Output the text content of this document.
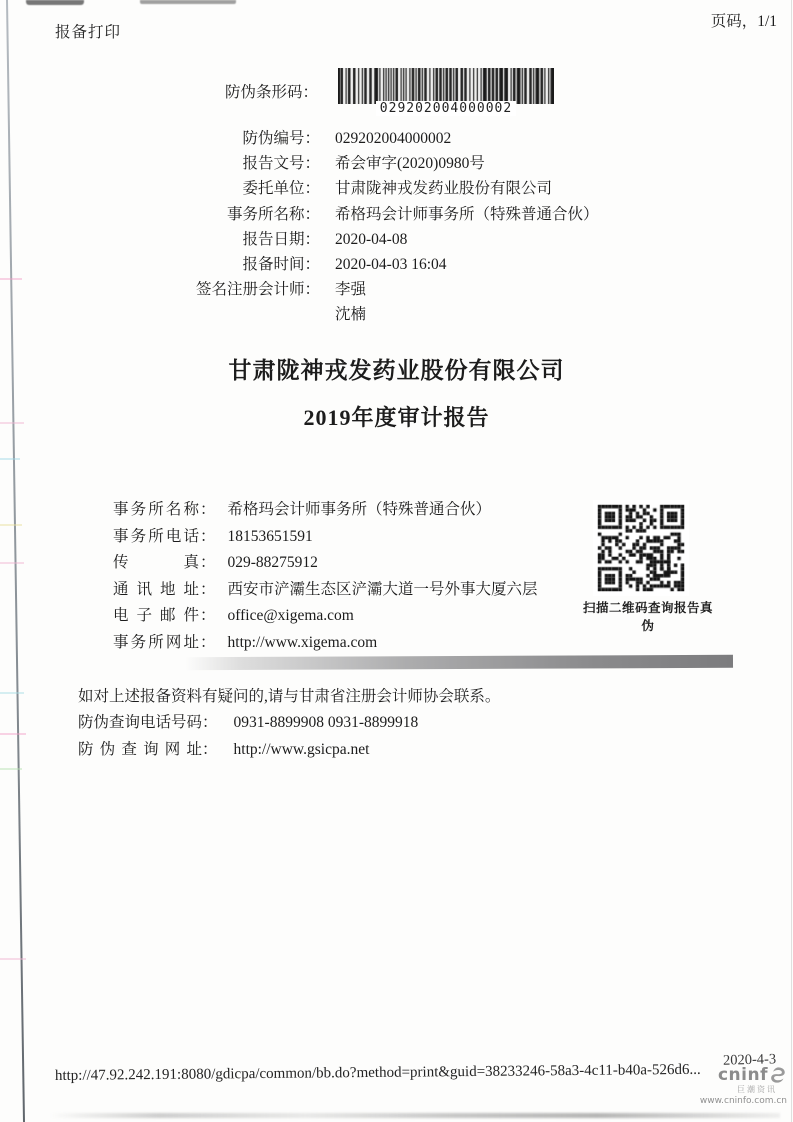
报备打印
页码，1/1
防伪条形码：
029202004000002
防伪编号： 029202004000002
报告文号： 希会审字(2020)0980号
委托单位： 甘肃陇神戎发药业股份有限公司
事务所名称： 希格玛会计师事务所（特殊普通合伙）
报告日期： 2020-04-08
报备时间： 2020-04-03 16:04
签名注册会计师： 李强
沈楠
甘肃陇神戎发药业股份有限公司
2019年度审计报告
事务所名称： 希格玛会计师事务所（特殊普通合伙）
事务所电话： 18153651591
传真： 029-88275912
通讯地址： 西安市浐灞生态区浐灞大道一号外事大厦六层
电子邮件： office@xigema.com
事务所网址： http://www.xigema.com
扫描二维码查询报告真伪
如对上述报备资料有疑问的,请与甘肃省注册会计师协会联系。
防伪查询电话号码： 0931-8899908 0931-8899918
防伪查询网址： http://www.gsicpa.net
http://47.92.242.191:8080/gdicpa/common/bb.do?method=print&guid=38233246-58a3-4c11-b40a-526d6...
2020-4-3
cninf
巨潮资讯
www.cninfo.com.cn
